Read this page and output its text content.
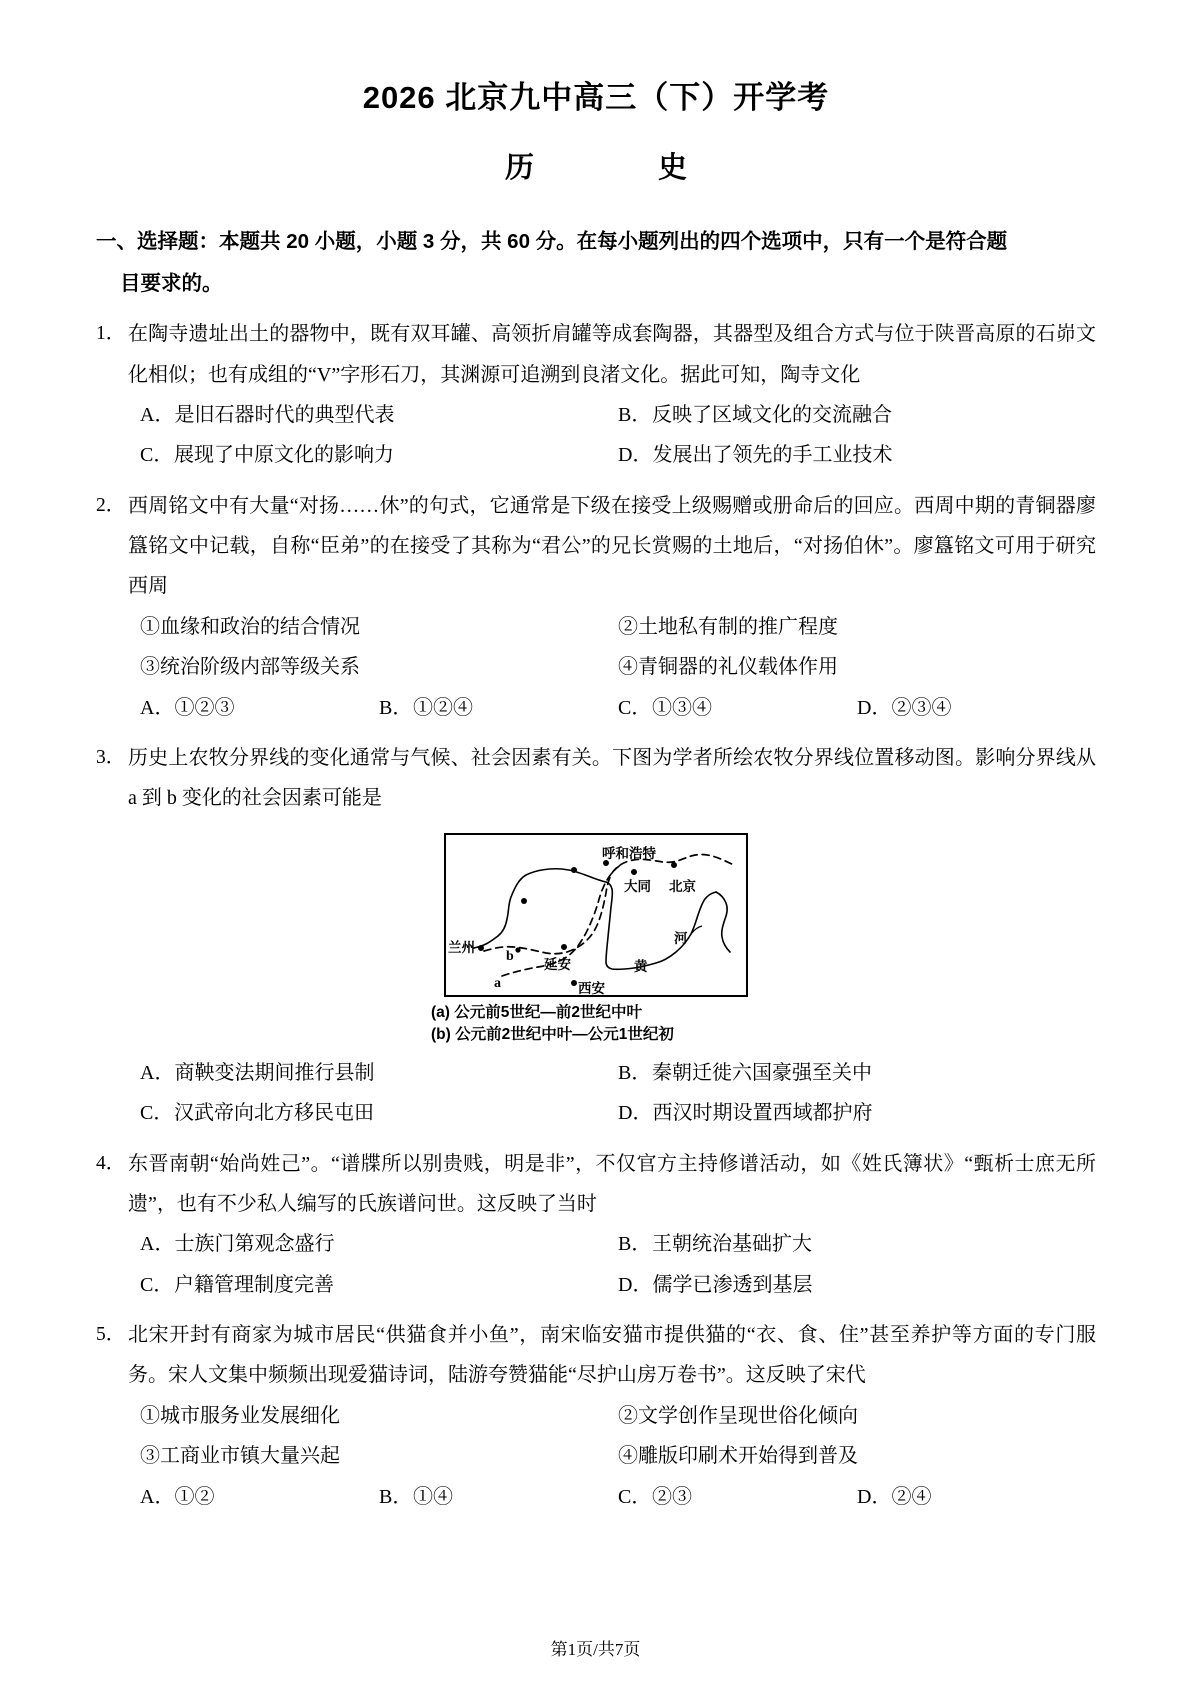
2026 北京九中高三（下）开学考
历　　史
一、选择题：本题共 20 小题，小题 3 分，共 60 分。在每小题列出的四个选项中，只有一个是符合题
目要求的。
1． 在陶寺遗址出土的器物中，既有双耳罐、高领折肩罐等成套陶器，其器型及组合方式与位于陕晋高原的石峁文化相似；也有成组的“V”字形石刀，其渊源可追溯到良渚文化。据此可知，陶寺文化
A．是旧石器时代的典型代表	B．反映了区域文化的交流融合
C．展现了中原文化的影响力	D．发展出了领先的手工业技术
2． 西周铭文中有大量“对扬……休”的句式，它通常是下级在接受上级赐赠或册命后的回应。西周中期的青铜器廖簋铭文中记载，自称“臣弟”的在接受了其称为“君公”的兄长赏赐的土地后，“对扬伯休”。廖簋铭文可用于研究西周
①血缘和政治的结合情况	②土地私有制的推广程度
③统治阶级内部等级关系	④青铜器的礼仪载体作用
A．①②③	B．①②④	C．①③④	D．②③④
3． 历史上农牧分界线的变化通常与气候、社会因素有关。下图为学者所绘农牧分界线位置移动图。影响分界线从 a 到 b 变化的社会因素可能是
呼和浩特
大同 北京
兰州
延安
西安
黄
河
b
a
(a) 公元前5世纪—前2世纪中叶
(b) 公元前2世纪中叶—公元1世纪初
A．商鞅变法期间推行县制	B．秦朝迁徙六国豪强至关中
C．汉武帝向北方移民屯田	D．西汉时期设置西域都护府
4． 东晋南朝“始尚姓己”。“谱牒所以别贵贱，明是非”，不仅官方主持修谱活动，如《姓氏簿状》“甄析士庶无所遗”，也有不少私人编写的氏族谱问世。这反映了当时
A．士族门第观念盛行	B．王朝统治基础扩大
C．户籍管理制度完善	D．儒学已渗透到基层
5． 北宋开封有商家为城市居民“供猫食并小鱼”，南宋临安猫市提供猫的“衣、食、住”甚至养护等方面的专门服务。宋人文集中频频出现爱猫诗词，陆游夸赞猫能“尽护山房万卷书”。这反映了宋代
①城市服务业发展细化	②文学创作呈现世俗化倾向
③工商业市镇大量兴起	④雕版印刷术开始得到普及
A．①②	B．①④	C．②③	D．②④
第1页/共7页
